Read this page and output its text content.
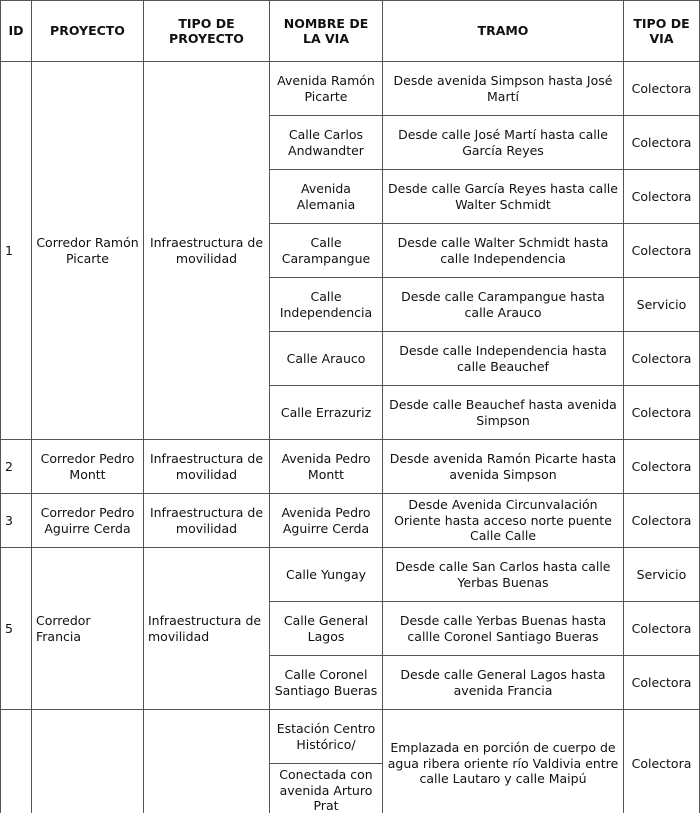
ID	PROYECTO	TIPO DE PROYECTO	NOMBRE DE LA VIA	TRAMO	TIPO DE VIA
1	Corredor Ramón Picarte	Infraestructura de movilidad	Avenida Ramón Picarte	Desde avenida Simpson hasta José Martí	Colectora
			Calle Carlos Andwandter	Desde calle José Martí hasta calle García Reyes	Colectora
			Avenida Alemania	Desde calle García Reyes hasta calle Walter Schmidt	Colectora
			Calle Carampangue	Desde calle Walter Schmidt hasta calle Independencia	Colectora
			Calle Independencia	Desde calle Carampangue hasta calle Arauco	Servicio
			Calle Arauco	Desde calle Independencia hasta calle Beauchef	Colectora
			Calle Errazuriz	Desde calle Beauchef hasta avenida Simpson	Colectora
2	Corredor Pedro Montt	Infraestructura de movilidad	Avenida Pedro Montt	Desde avenida Ramón Picarte hasta avenida Simpson	Colectora
3	Corredor Pedro Aguirre Cerda	Infraestructura de movilidad	Avenida Pedro Aguirre Cerda	Desde Avenida Circunvalación Oriente hasta acceso norte puente Calle Calle	Colectora
5	Corredor Francia	Infraestructura de movilidad	Calle Yungay	Desde calle San Carlos hasta calle Yerbas Buenas	Servicio
			Calle General Lagos	Desde calle Yerbas Buenas hasta callle Coronel Santiago Bueras	Colectora
			Calle Coronel Santiago Bueras	Desde calle General Lagos hasta avenida Francia	Colectora
			Estación Centro Histórico/	Emplazada en porción de cuerpo de agua ribera oriente río Valdivia entre calle Lautaro y calle Maipú	Colectora
			Conectada con avenida Arturo Prat		
